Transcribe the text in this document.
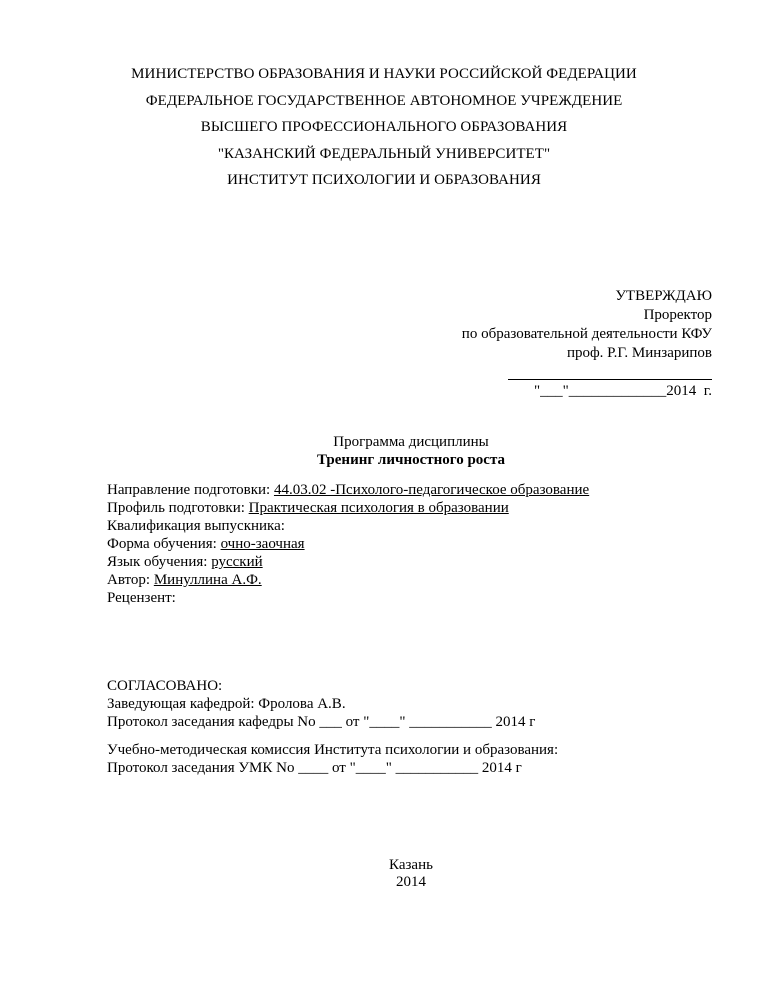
МИНИСТЕРСТВО ОБРАЗОВАНИЯ И НАУКИ РОССИЙСКОЙ ФЕДЕРАЦИИ
ФЕДЕРАЛЬНОЕ ГОСУДАРСТВЕННОЕ АВТОНОМНОЕ УЧРЕЖДЕНИЕ
ВЫСШЕГО ПРОФЕССИОНАЛЬНОГО ОБРАЗОВАНИЯ
"КАЗАНСКИЙ ФЕДЕРАЛЬНЫЙ УНИВЕРСИТЕТ"
ИНСТИТУТ ПСИХОЛОГИИ И ОБРАЗОВАНИЯ
УТВЕРЖДАЮ
Проректор
по образовательной деятельности КФУ
проф. Р.Г. Минзарипов
"___"_____________2014  г.
Программа дисциплины
Тренинг личностного роста
Направление подготовки: 44.03.02 -Психолого-педагогическое образование
Профиль подготовки: Практическая психология в образовании
Квалификация выпускника:
Форма обучения: очно-заочная
Язык обучения: русский
Автор: Минуллина А.Ф.
Рецензент:
СОГЛАСОВАНО:
Заведующая кафедрой: Фролова А.В.
Протокол заседания кафедры No ___ от "____" ___________ 2014 г
Учебно-методическая комиссия Института психологии и образования:
Протокол заседания УМК No ____ от "____" ___________ 2014 г
Казань
2014
